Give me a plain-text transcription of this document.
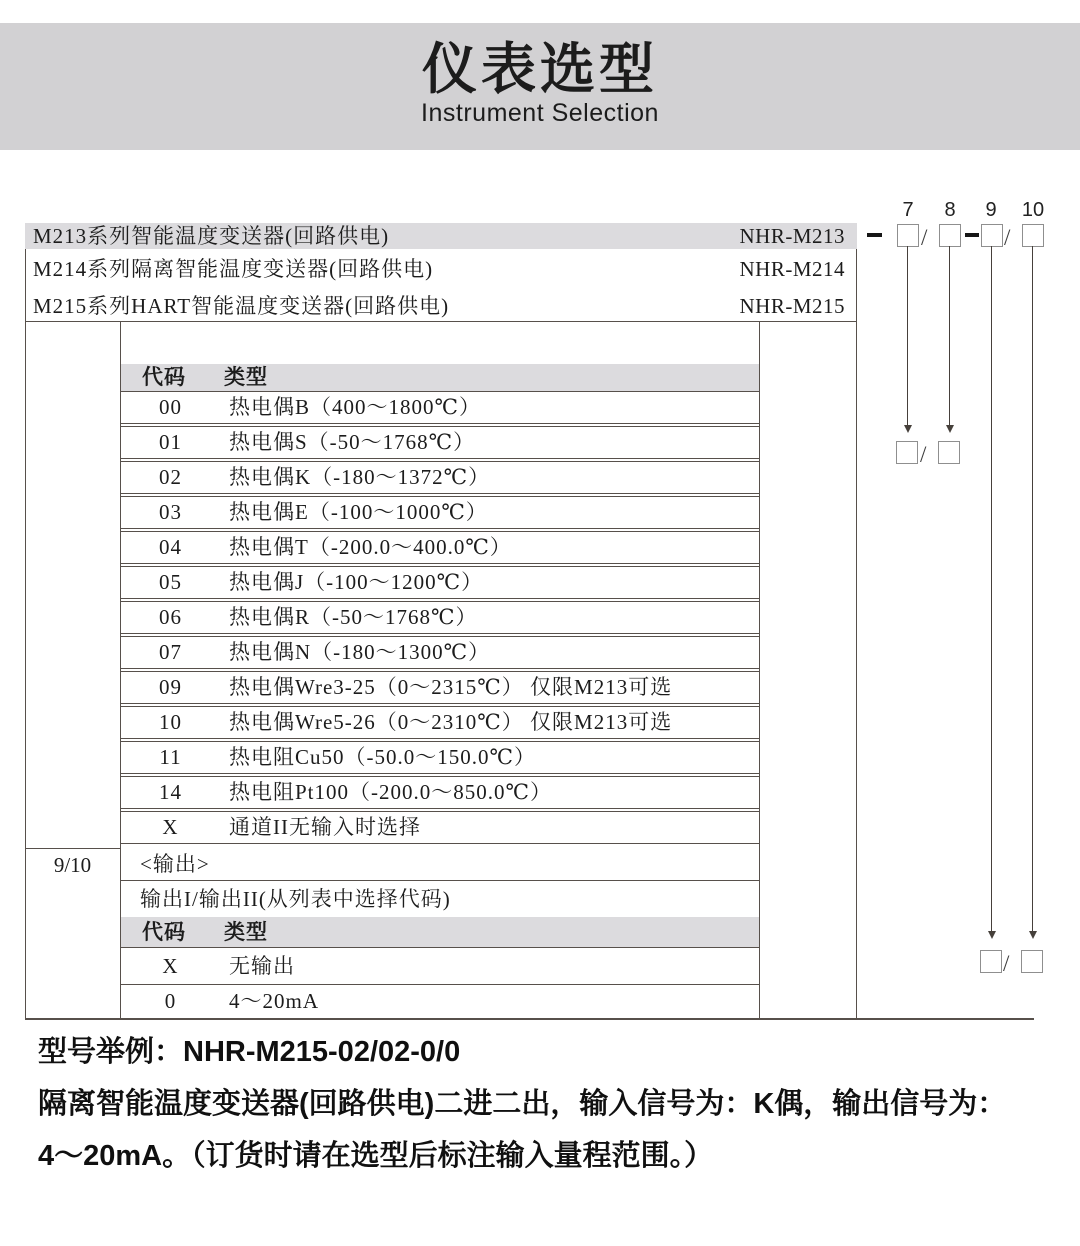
仪表选型
Instrument Selection
M213系列智能温度变送器(回路供电)	NHR-M213
M214系列隔离智能温度变送器(回路供电)	NHR-M214
M215系列HART智能温度变送器(回路供电)	NHR-M215
代码 类型
00 热电偶B（400～1800℃）
01 热电偶S（-50～1768℃）
02 热电偶K（-180～1372℃）
03 热电偶E（-100～1000℃）
04 热电偶T（-200.0～400.0℃）
05 热电偶J（-100～1200℃）
06 热电偶R（-50～1768℃）
07 热电偶N（-180～1300℃）
09 热电偶Wre3-25（0～2315℃） 仅限M213可选
10 热电偶Wre5-26（0～2310℃） 仅限M213可选
11 热电阻Cu50（-50.0～150.0℃）
14 热电阻Pt100（-200.0～850.0℃）
X 通道II无输入时选择
9/10	<输出>
输出I/输出II(从列表中选择代码)
代码 类型
X 无输出
0	4～20mA
7 8 9 10
/	/
/
/
型号举例：NHR-M215-02/02-0/0
隔离智能温度变送器(回路供电)二进二出，输入信号为：K偶，输出信号为：
4～20mA。（订货时请在选型后标注输入量程范围。）
